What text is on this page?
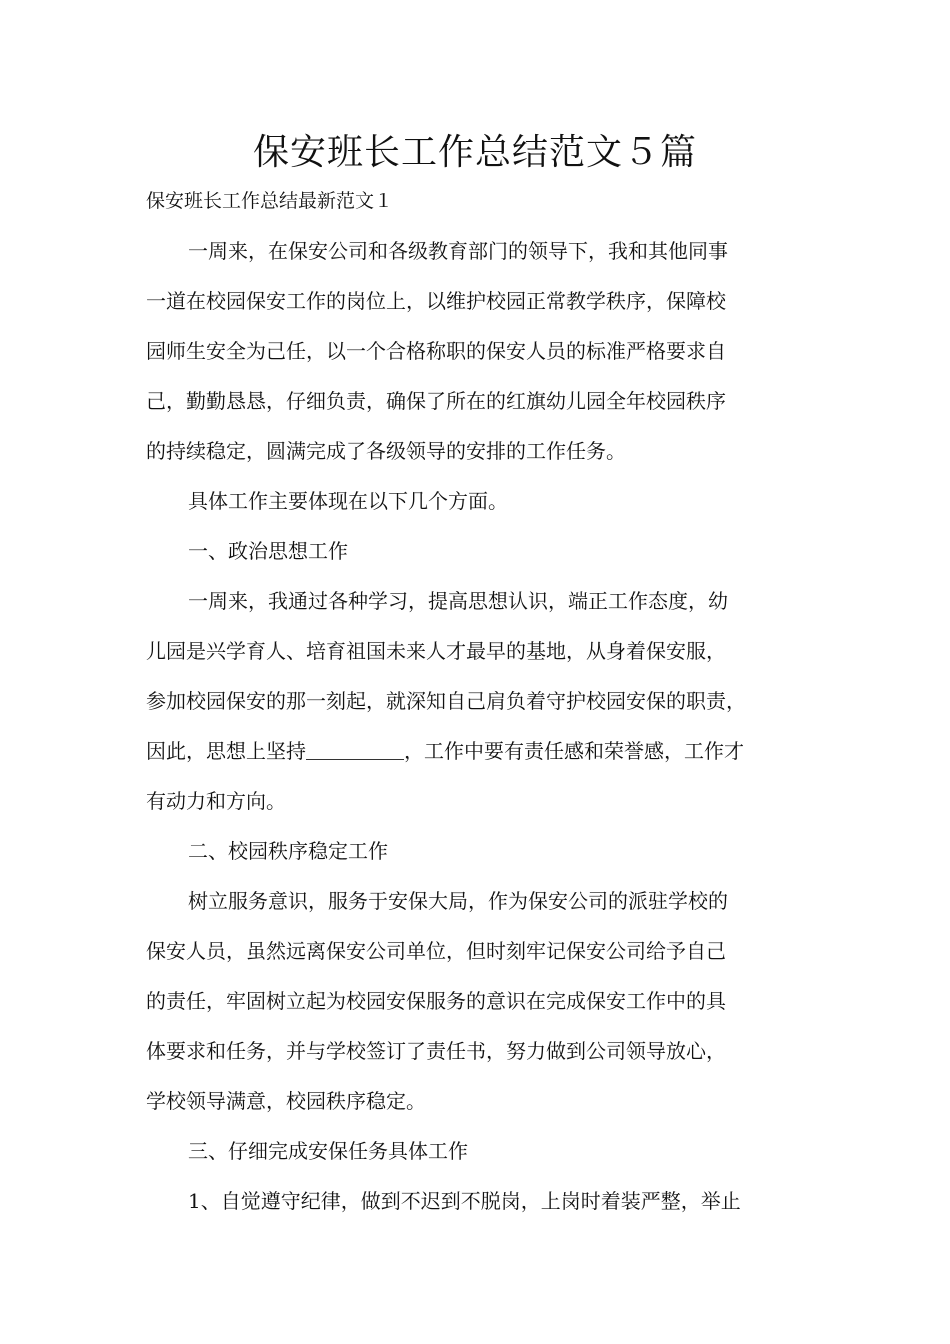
保安班长工作总结范文５篇
保安班长工作总结最新范文１
一周来，在保安公司和各级教育部门的领导下，我和其他同事
一道在校园保安工作的岗位上，以维护校园正常教学秩序，保障校
园师生安全为己任，以一个合格称职的保安人员的标准严格要求自
己，勤勤恳恳，仔细负责，确保了所在的红旗幼儿园全年校园秩序
的持续稳定，圆满完成了各级领导的安排的工作任务。
具体工作主要体现在以下几个方面。
一、政治思想工作
一周来，我通过各种学习，提高思想认识，端正工作态度，幼
儿园是兴学育人、培育祖国未来人才最早的基地，从身着保安服，
参加校园保安的那一刻起，就深知自己肩负着守护校园安保的职责，
因此，思想上坚持	，工作中要有责任感和荣誉感，工作才
有动力和方向。
二、校园秩序稳定工作
树立服务意识，服务于安保大局，作为保安公司的派驻学校的
保安人员，虽然远离保安公司单位，但时刻牢记保安公司给予自己
的责任，牢固树立起为校园安保服务的意识在完成保安工作中的具
体要求和任务，并与学校签订了责任书，努力做到公司领导放心，
学校领导满意，校园秩序稳定。
三、仔细完成安保任务具体工作
1、自觉遵守纪律，做到不迟到不脱岗，上岗时着装严整，举止
